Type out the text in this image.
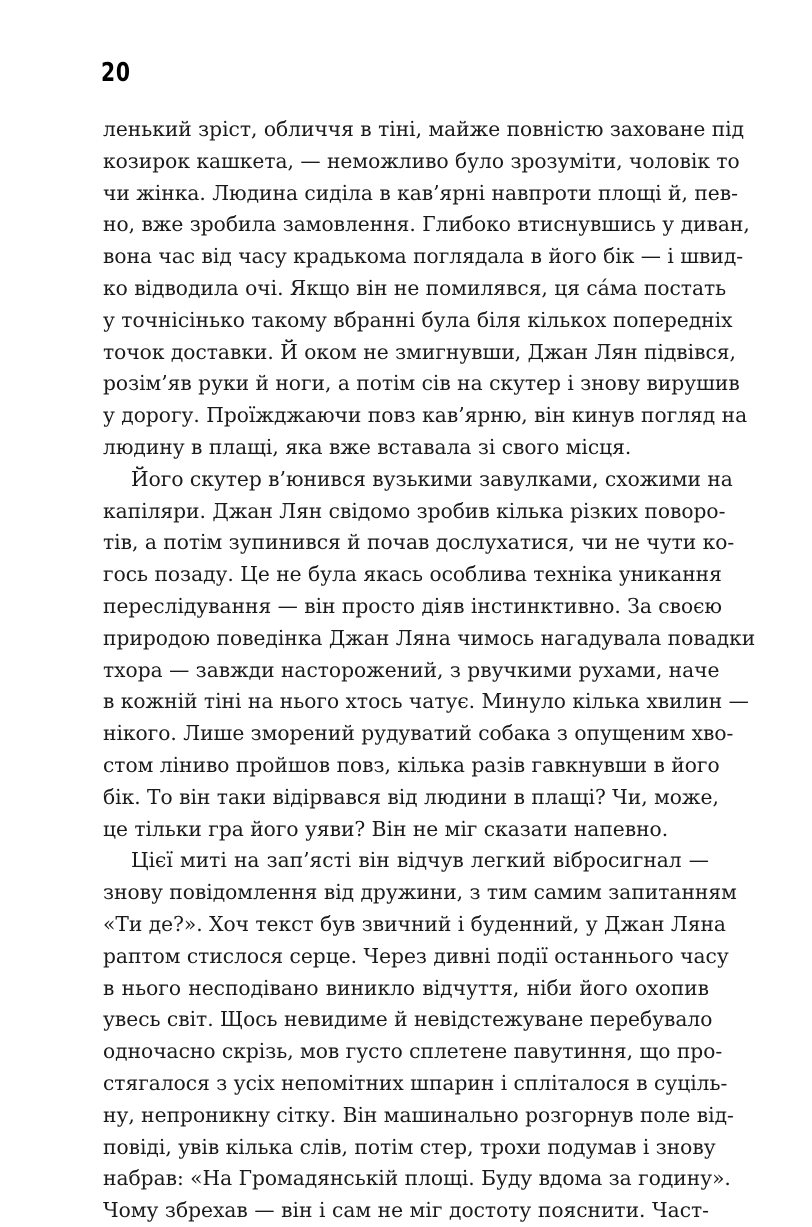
20
ленький зріст, обличчя в тіні, майже повністю заховане під
козирок кашкета, — неможливо було зрозуміти, чоловік то
чи жінка. Людина сиділа в кав’ярні навпроти площі й, пев-
но, вже зробила замовлення. Глибоко втиснувшись у диван,
вона час від часу крадькома поглядала в його бік — і швид-
ко відводила очі. Якщо він не помилявся, ця сáма постать
у точнісінько такому вбранні була біля кількох попередніх
точок доставки. Й оком не змигнувши, Джан Лян підвівся,
розім’яв руки й ноги, а потім сів на скутер і знову вирушив
у дорогу. Проїжджаючи повз кав’ярню, він кинув погляд на
людину в плащі, яка вже вставала зі свого місця.
Його скутер в’юнився вузькими завулками, схожими на
капіляри. Джан Лян свідомо зробив кілька різких поворо-
тів, а потім зупинився й почав дослухатися, чи не чути ко-
гось позаду. Це не була якась особлива техніка уникання
переслідування — він просто діяв інстинктивно. За своєю
природою поведінка Джан Ляна чимось нагадувала повадки
тхора — завжди насторожений, з рвучкими рухами, наче
в кожній тіні на нього хтось чатує. Минуло кілька хвилин —
нікого. Лише зморений рудуватий собака з опущеним хво-
стом ліниво пройшов повз, кілька разів гавкнувши в його
бік. То він таки відірвався від людини в плащі? Чи, може,
це тільки гра його уяви? Він не міг сказати напевно.
Цієї миті на зап’ясті він відчув легкий вібросигнал —
знову повідомлення від дружини, з тим самим запитанням
«Ти де?». Хоч текст був звичний і буденний, у Джан Ляна
раптом стислося серце. Через дивні події останнього часу
в нього несподівано виникло відчуття, ніби його охопив
увесь світ. Щось невидиме й невідстежуване перебувало
одночасно скрізь, мов густо сплетене павутиння, що про-
стягалося з усіх непомітних шпарин і спліталося в суціль-
ну, непроникну сітку. Він машинально розгорнув поле від-
повіді, увів кілька слів, потім стер, трохи подумав і знову
набрав: «На Громадянській площі. Буду вдома за годину».
Чому збрехав — він і сам не міг достоту пояснити. Част-
